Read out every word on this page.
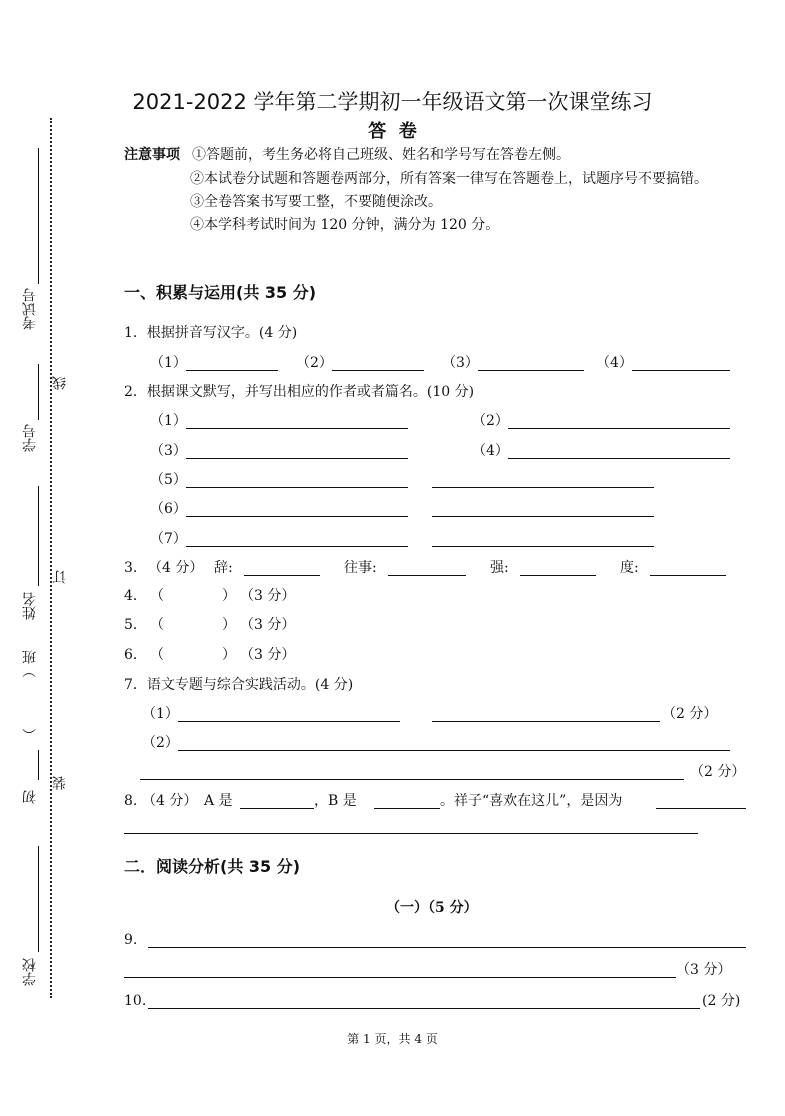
考试号
学号
线
订
姓名
）班
（
装
初
学校
2021-2022 学年第二学期初一年级语文第一次课堂练习
答  卷
注意事项 ①答题前，考生务必将自己班级、姓名和学号写在答卷左侧。
②本试卷分试题和答题卷两部分，所有答案一律写在答题卷上，试题序号不要搞错。
③全卷答案书写要工整，不要随便涂改。
④本学科考试时间为 120 分钟，满分为 120 分。
一、积累与运用(共 35 分)
1．根据拼音写汉字。(4 分)
（1）	（2）	（3）	（4）
2．根据课文默写，并写出相应的作者或者篇名。(10 分)
（1）	（2）
（3）	（4）
（5）
（6）
（7）
3. （4 分） 辞:	往事:	强:	度:
4． （	） （3 分）
5． （	） （3 分）
6． （	） （3 分）
7．语文专题与综合实践活动。(4 分)
（1）	（2 分）
（2）
（2 分）
8. （4 分） A 是	，B 是	。祥子“喜欢在这儿”，是因为
二．阅读分析(共 35 分)
（一）（5 分）
9.
（3 分）
10.	(2 分)
第 1 页，共 4 页
